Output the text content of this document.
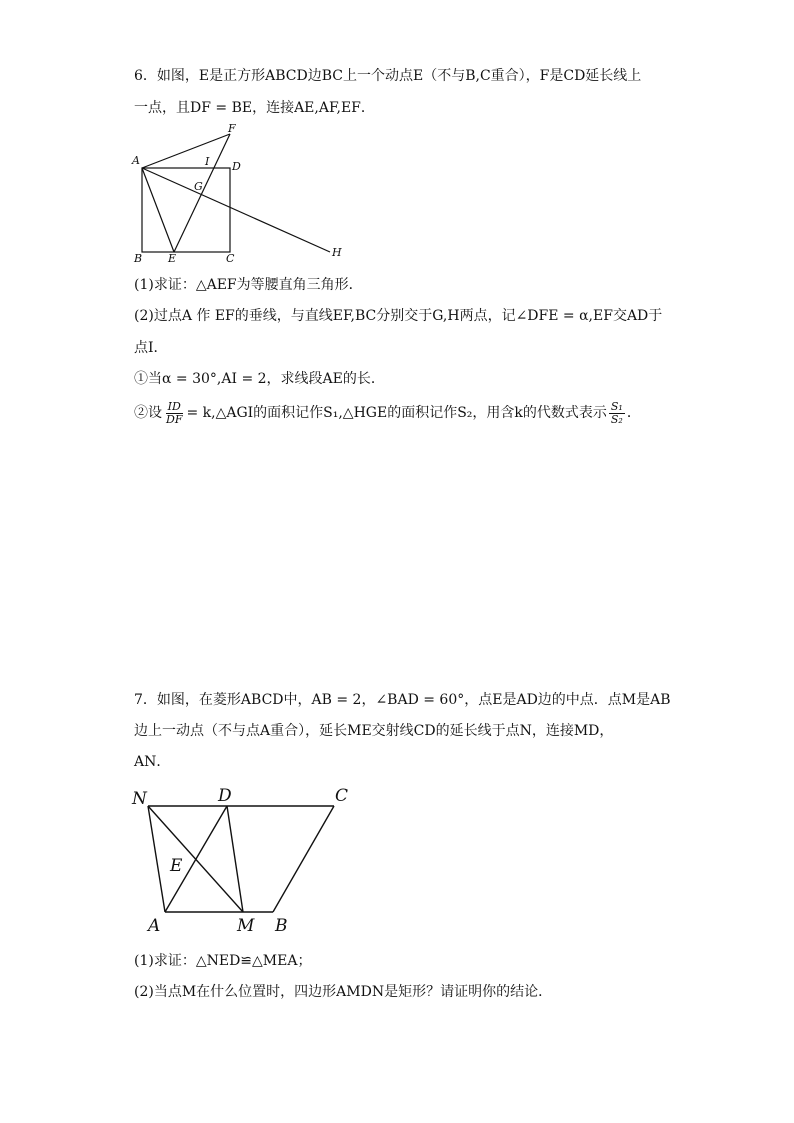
6．如图，E是正方形ABCD边BC上一个动点E（不与B,C重合），F是CD延长线上
一点，且DF = BE，连接AE,AF,EF．
A
B	C
D
E
F
G
H
I
(1)求证：△AEF为等腰直角三角形．
(2)过点A 作 EF的垂线，与直线EF,BC分别交于G,H两点，记∠DFE = α,EF交AD于
点I．
①当α = 30°,AI = 2，求线段AE的长．
②设 $\frac{ID}{DF}$ = k,△AGI的面积记作S₁,△HGE的面积记作S₂，用含k的代数式表示 $\frac{\text{S₁}}{\text{S₂}}$ ．
7．如图，在菱形ABCD中，AB = 2，∠BAD = 60°，点E是AD边的中点．点M是AB
边上一动点（不与点A重合），延长ME交射线CD的延长线于点N，连接MD，
AN．
N	D	C
E
A	M B
(1)求证：△NED≌△MEA；
(2)当点M在什么位置时，四边形AMDN是矩形？请证明你的结论．
